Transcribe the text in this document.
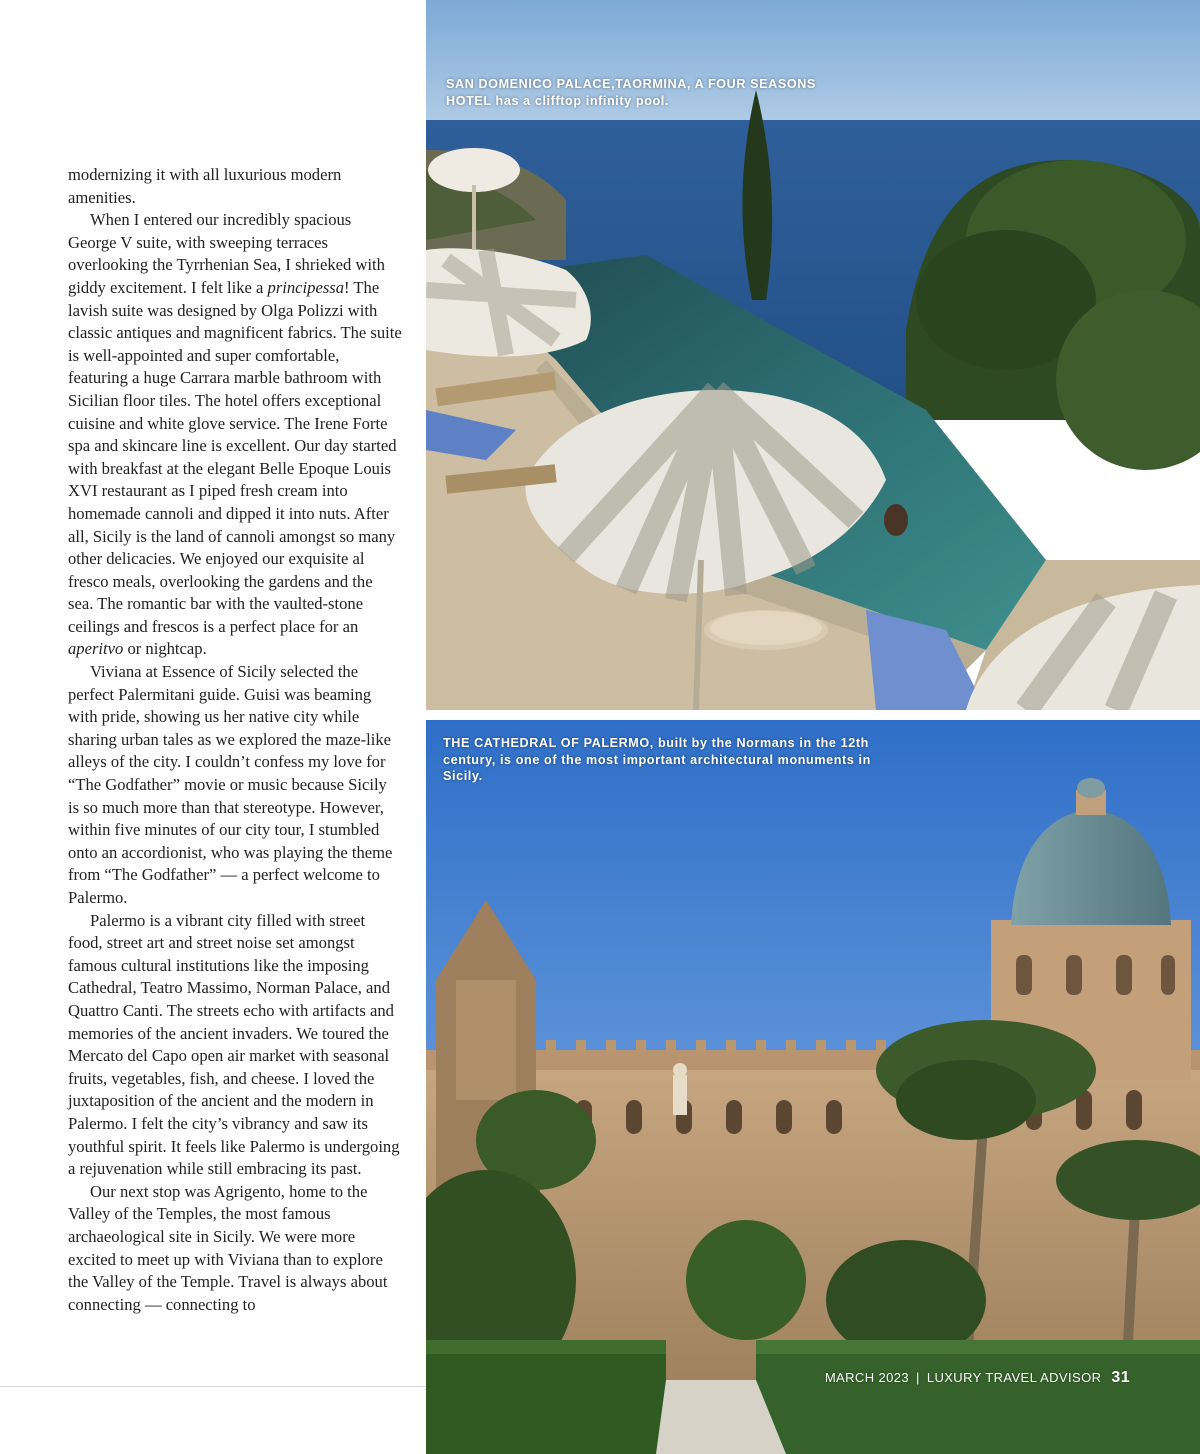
modernizing it with all luxurious modern amenities.

When I entered our incredibly spacious George V suite, with sweeping terraces overlooking the Tyrrhenian Sea, I shrieked with giddy excitement. I felt like a principessa! The lavish suite was designed by Olga Polizzi with classic antiques and magnificent fabrics. The suite is well-appointed and super comfortable, featuring a huge Carrara marble bathroom with Sicilian floor tiles. The hotel offers exceptional cuisine and white glove service. The Irene Forte spa and skincare line is excellent. Our day started with breakfast at the elegant Belle Epoque Louis XVI restaurant as I piped fresh cream into homemade cannoli and dipped it into nuts. After all, Sicily is the land of cannoli amongst so many other delicacies. We enjoyed our exquisite al fresco meals, overlooking the gardens and the sea. The romantic bar with the vaulted-stone ceilings and frescos is a perfect place for an aperitvo or nightcap.

Viviana at Essence of Sicily selected the perfect Palermitani guide. Guisi was beaming with pride, showing us her native city while sharing urban tales as we explored the maze-like alleys of the city. I couldn’t confess my love for “The Godfather” movie or music because Sicily is so much more than that stereotype. However, within five minutes of our city tour, I stumbled onto an accordionist, who was playing the theme from “The Godfather” — a perfect welcome to Palermo.

Palermo is a vibrant city filled with street food, street art and street noise set amongst famous cultural institutions like the imposing Cathedral, Teatro Massimo, Norman Palace, and Quattro Canti. The streets echo with artifacts and memories of the ancient invaders. We toured the Mercato del Capo open air market with seasonal fruits, vegetables, fish, and cheese. I loved the juxtaposition of the ancient and the modern in Palermo. I felt the city’s vibrancy and saw its youthful spirit. It feels like Palermo is undergoing a rejuvenation while still embracing its past.

Our next stop was Agrigento, home to the Valley of the Temples, the most famous archaeological site in Sicily. We were more excited to meet up with Viviana than to explore the Valley of the Temple. Travel is always about connecting — connecting to

SAN DOMENICO PALACE,TAORMINA, A FOUR SEASONS HOTEL has a clifftop infinity pool.
THE CATHEDRAL OF PALERMO, built by the Normans in the 12th century, is one of the most important architectural monuments in Sicily.
MARCH 2023 | LUXURY TRAVEL ADVISOR 31
